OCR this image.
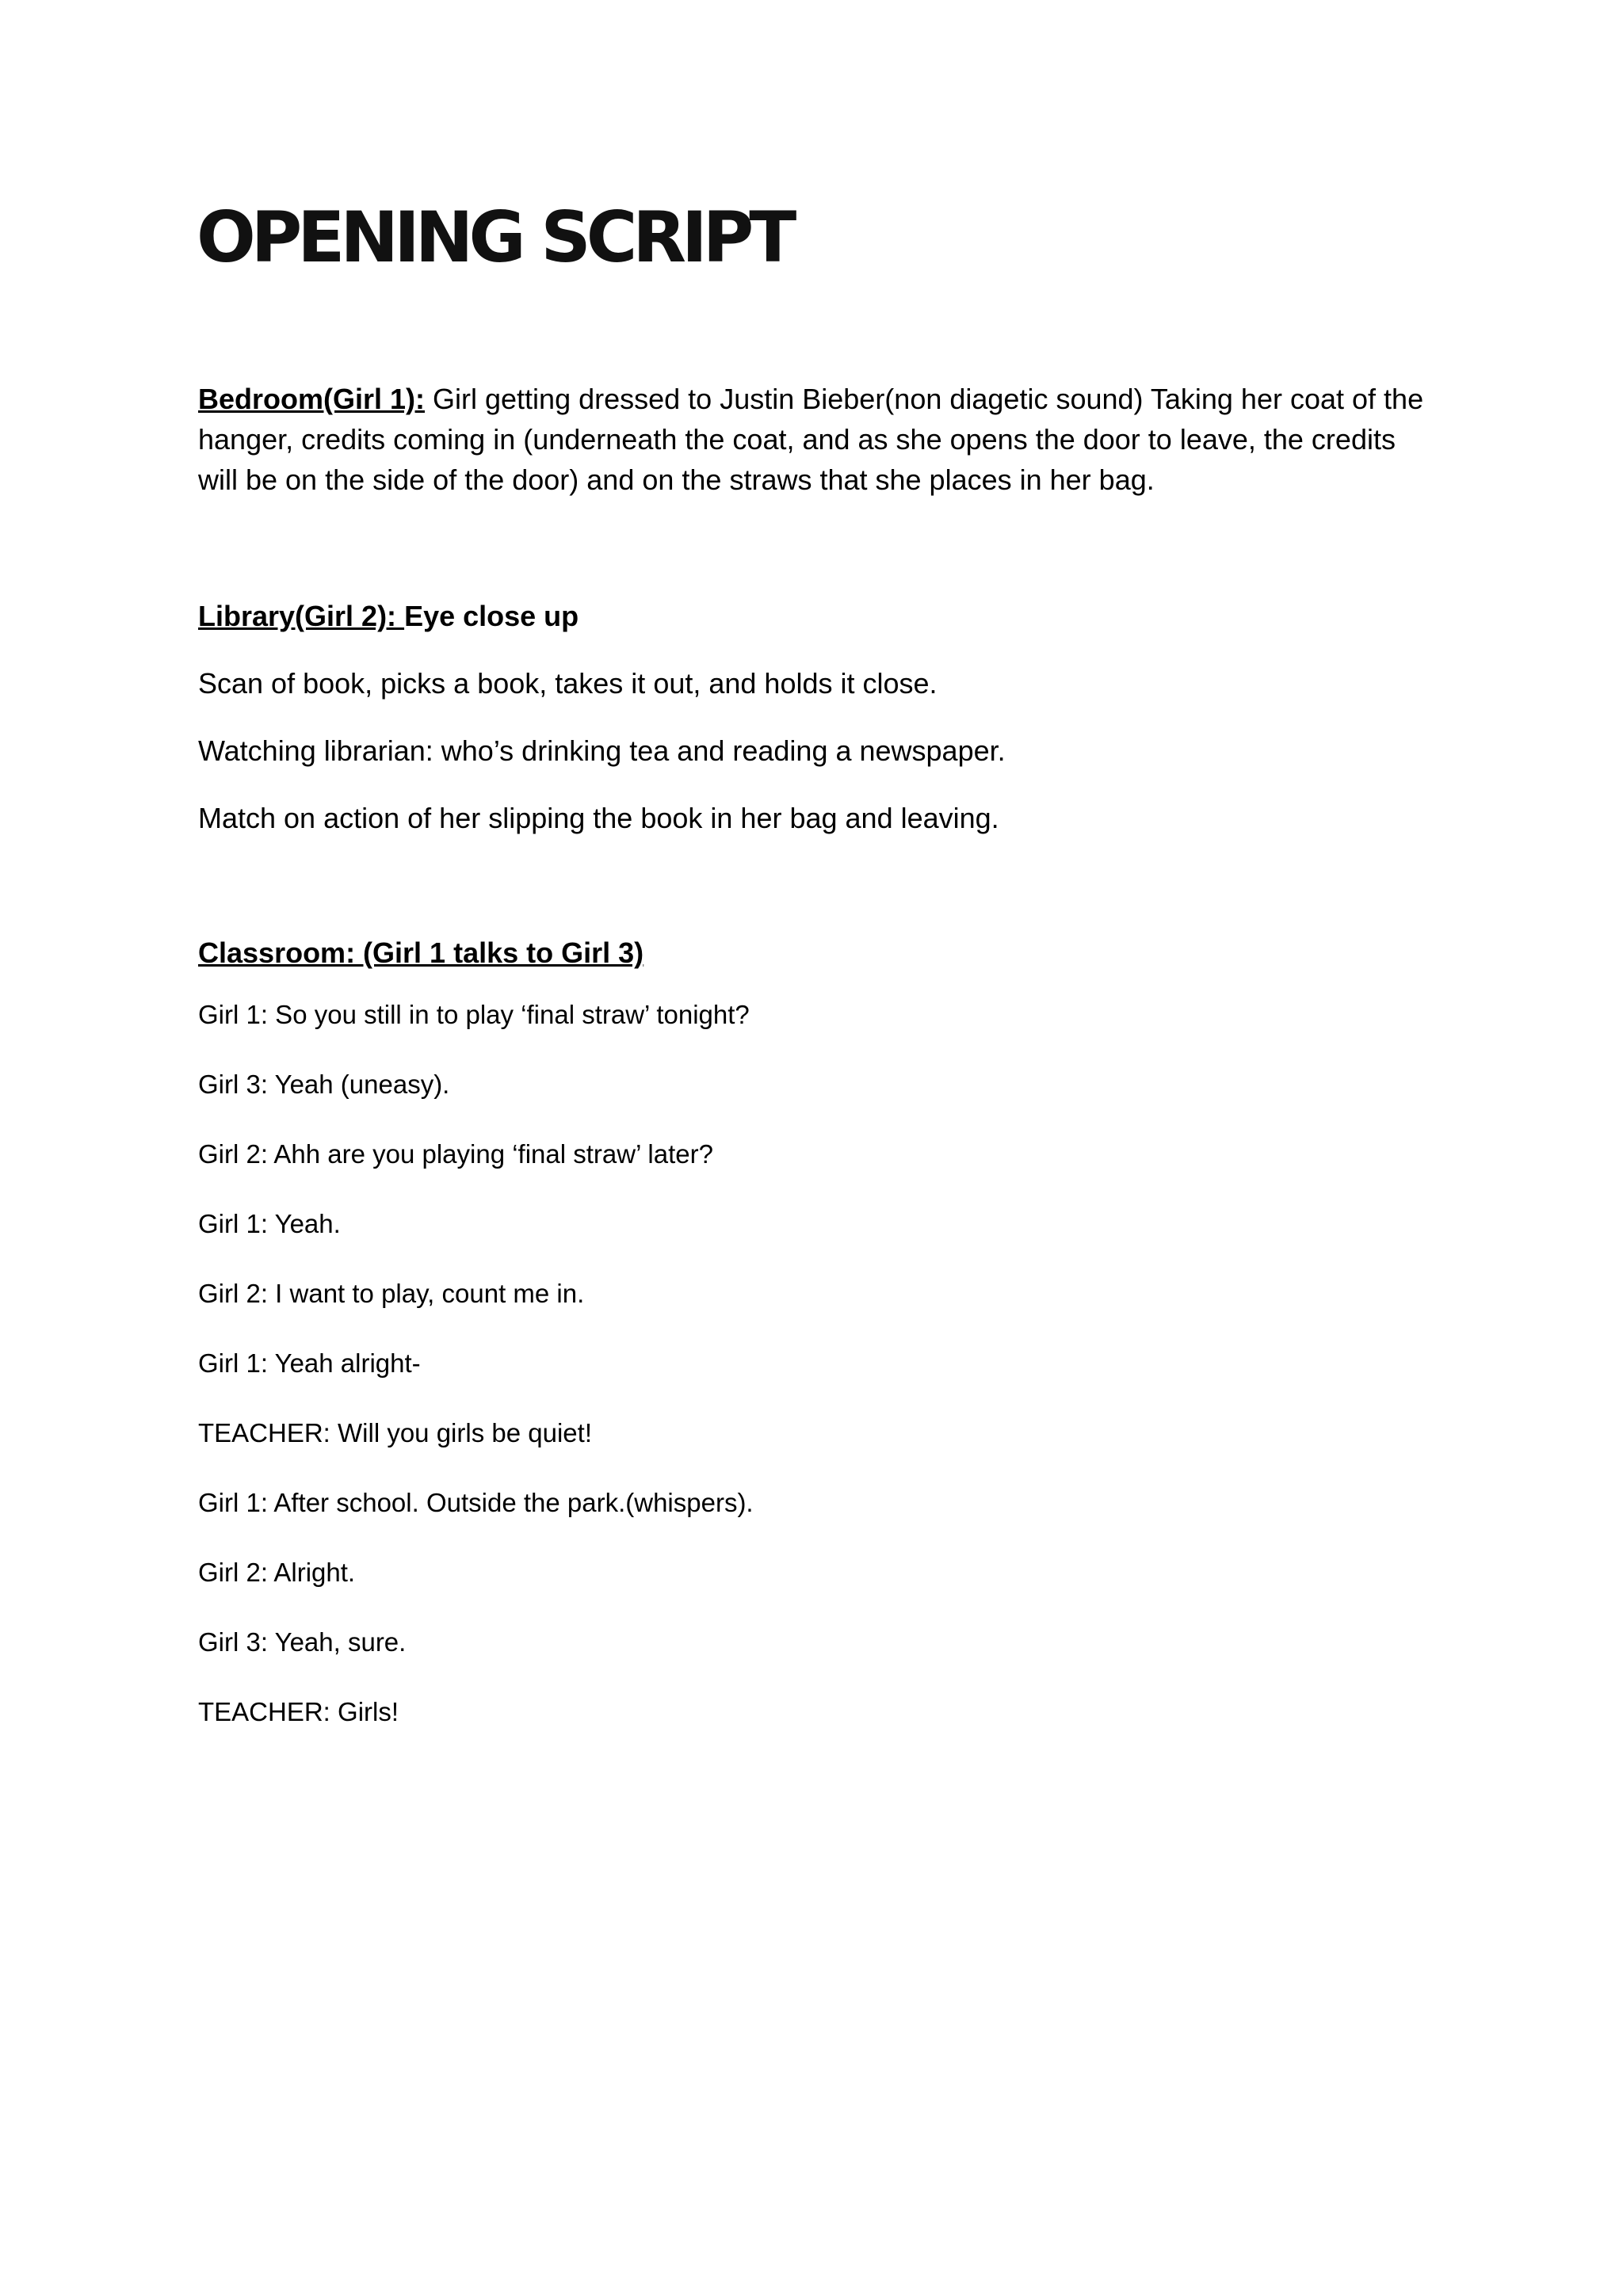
OPENING SCRIPT

Bedroom(Girl 1): Girl getting dressed to Justin Bieber(non diagetic sound) Taking her coat of the hanger, credits coming in (underneath the coat, and as she opens the door to leave, the credits will be on the side of the door) and on the straws that she places in her bag.

Library(Girl 2): Eye close up

Scan of book, picks a book, takes it out, and holds it close.

Watching librarian: who’s drinking tea and reading a newspaper.

Match on action of her slipping the book in her bag and leaving.

Classroom: (Girl 1 talks to Girl 3)
Girl 1: So you still in to play ‘final straw’ tonight?
Girl 3: Yeah (uneasy).
Girl 2: Ahh are you playing ‘final straw’ later?
Girl 1: Yeah.
Girl 2: I want to play, count me in.
Girl 1: Yeah alright-
TEACHER: Will you girls be quiet!
Girl 1: After school. Outside the park.(whispers).
Girl 2: Alright.
Girl 3: Yeah, sure.
TEACHER: Girls!
